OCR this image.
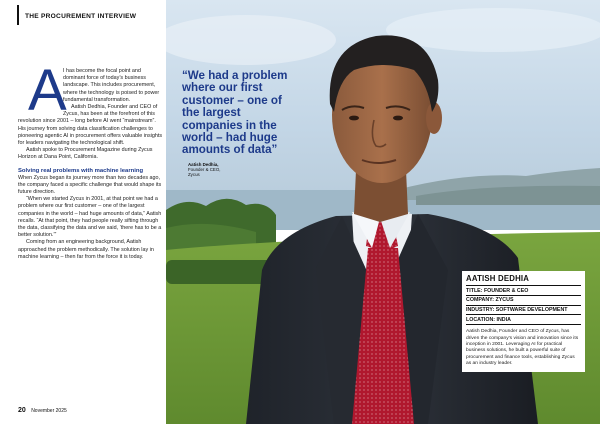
THE PROCUREMENT INTERVIEW
A

I has become the focal point and dominant force of today’s business landscape. This includes procurement, where the technology is poised to power fundamental transformation.

Aatish Dedhia, Founder and CEO of Zycus, has been at the forefront of this revolution since 2001 – long before AI went “mainstream”. His journey from solving data classification challenges to pioneering agentic AI in procurement offers valuable insights for leaders navigating the technological shift.

Aatish spoke to Procurement Magazine during Zycus Horizon at Dana Point, California.

Solving real problems with machine learning

When Zycus began its journey more than two decades ago, the company faced a specific challenge that would shape its future direction.

“When we started Zycus in 2001, at that point we had a problem where our first customer – one of the largest companies in the world – had huge amounts of data,” Aatish recalls. “At that point, they had people really sifting through the data, classifying the data and we said, ‘there has to be a better solution.’”

Coming from an engineering background, Aatish approached the problem methodically. The solution lay in machine learning – then far from the force it is today.

20 November 2025
“We had a problem where our first customer – one of the largest companies in the world – had huge amounts of data”
Aatish Dedhia,
Founder & CEO,
Zycus
AATISH DEDHIA
TITLE: FOUNDER & CEO
COMPANY: ZYCUS
INDUSTRY: SOFTWARE DEVELOPMENT
LOCATION: INDIA
Aatish Dedhia, Founder and CEO of Zycus, has driven the company’s vision and innovation since its inception in 2001. Leveraging AI for practical business solutions, he built a powerful suite of procurement and finance tools, establishing Zycus as an industry leader.
